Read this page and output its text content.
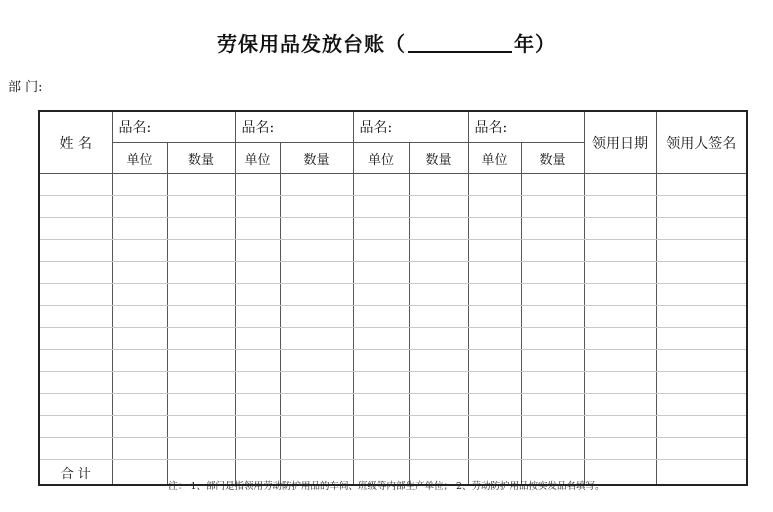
劳保用品发放台账（	年）
部 门:
姓 名	品名:		品名:		品名:		品名:		领用日期	领用人签名
	单位	数量	单位	数量	单位	数量	单位	数量		

合 计										
注： 1、部门是指领用劳动防护用品的车间、班级等内部生产单位； 2、劳动防护用品按实发品名填写。
